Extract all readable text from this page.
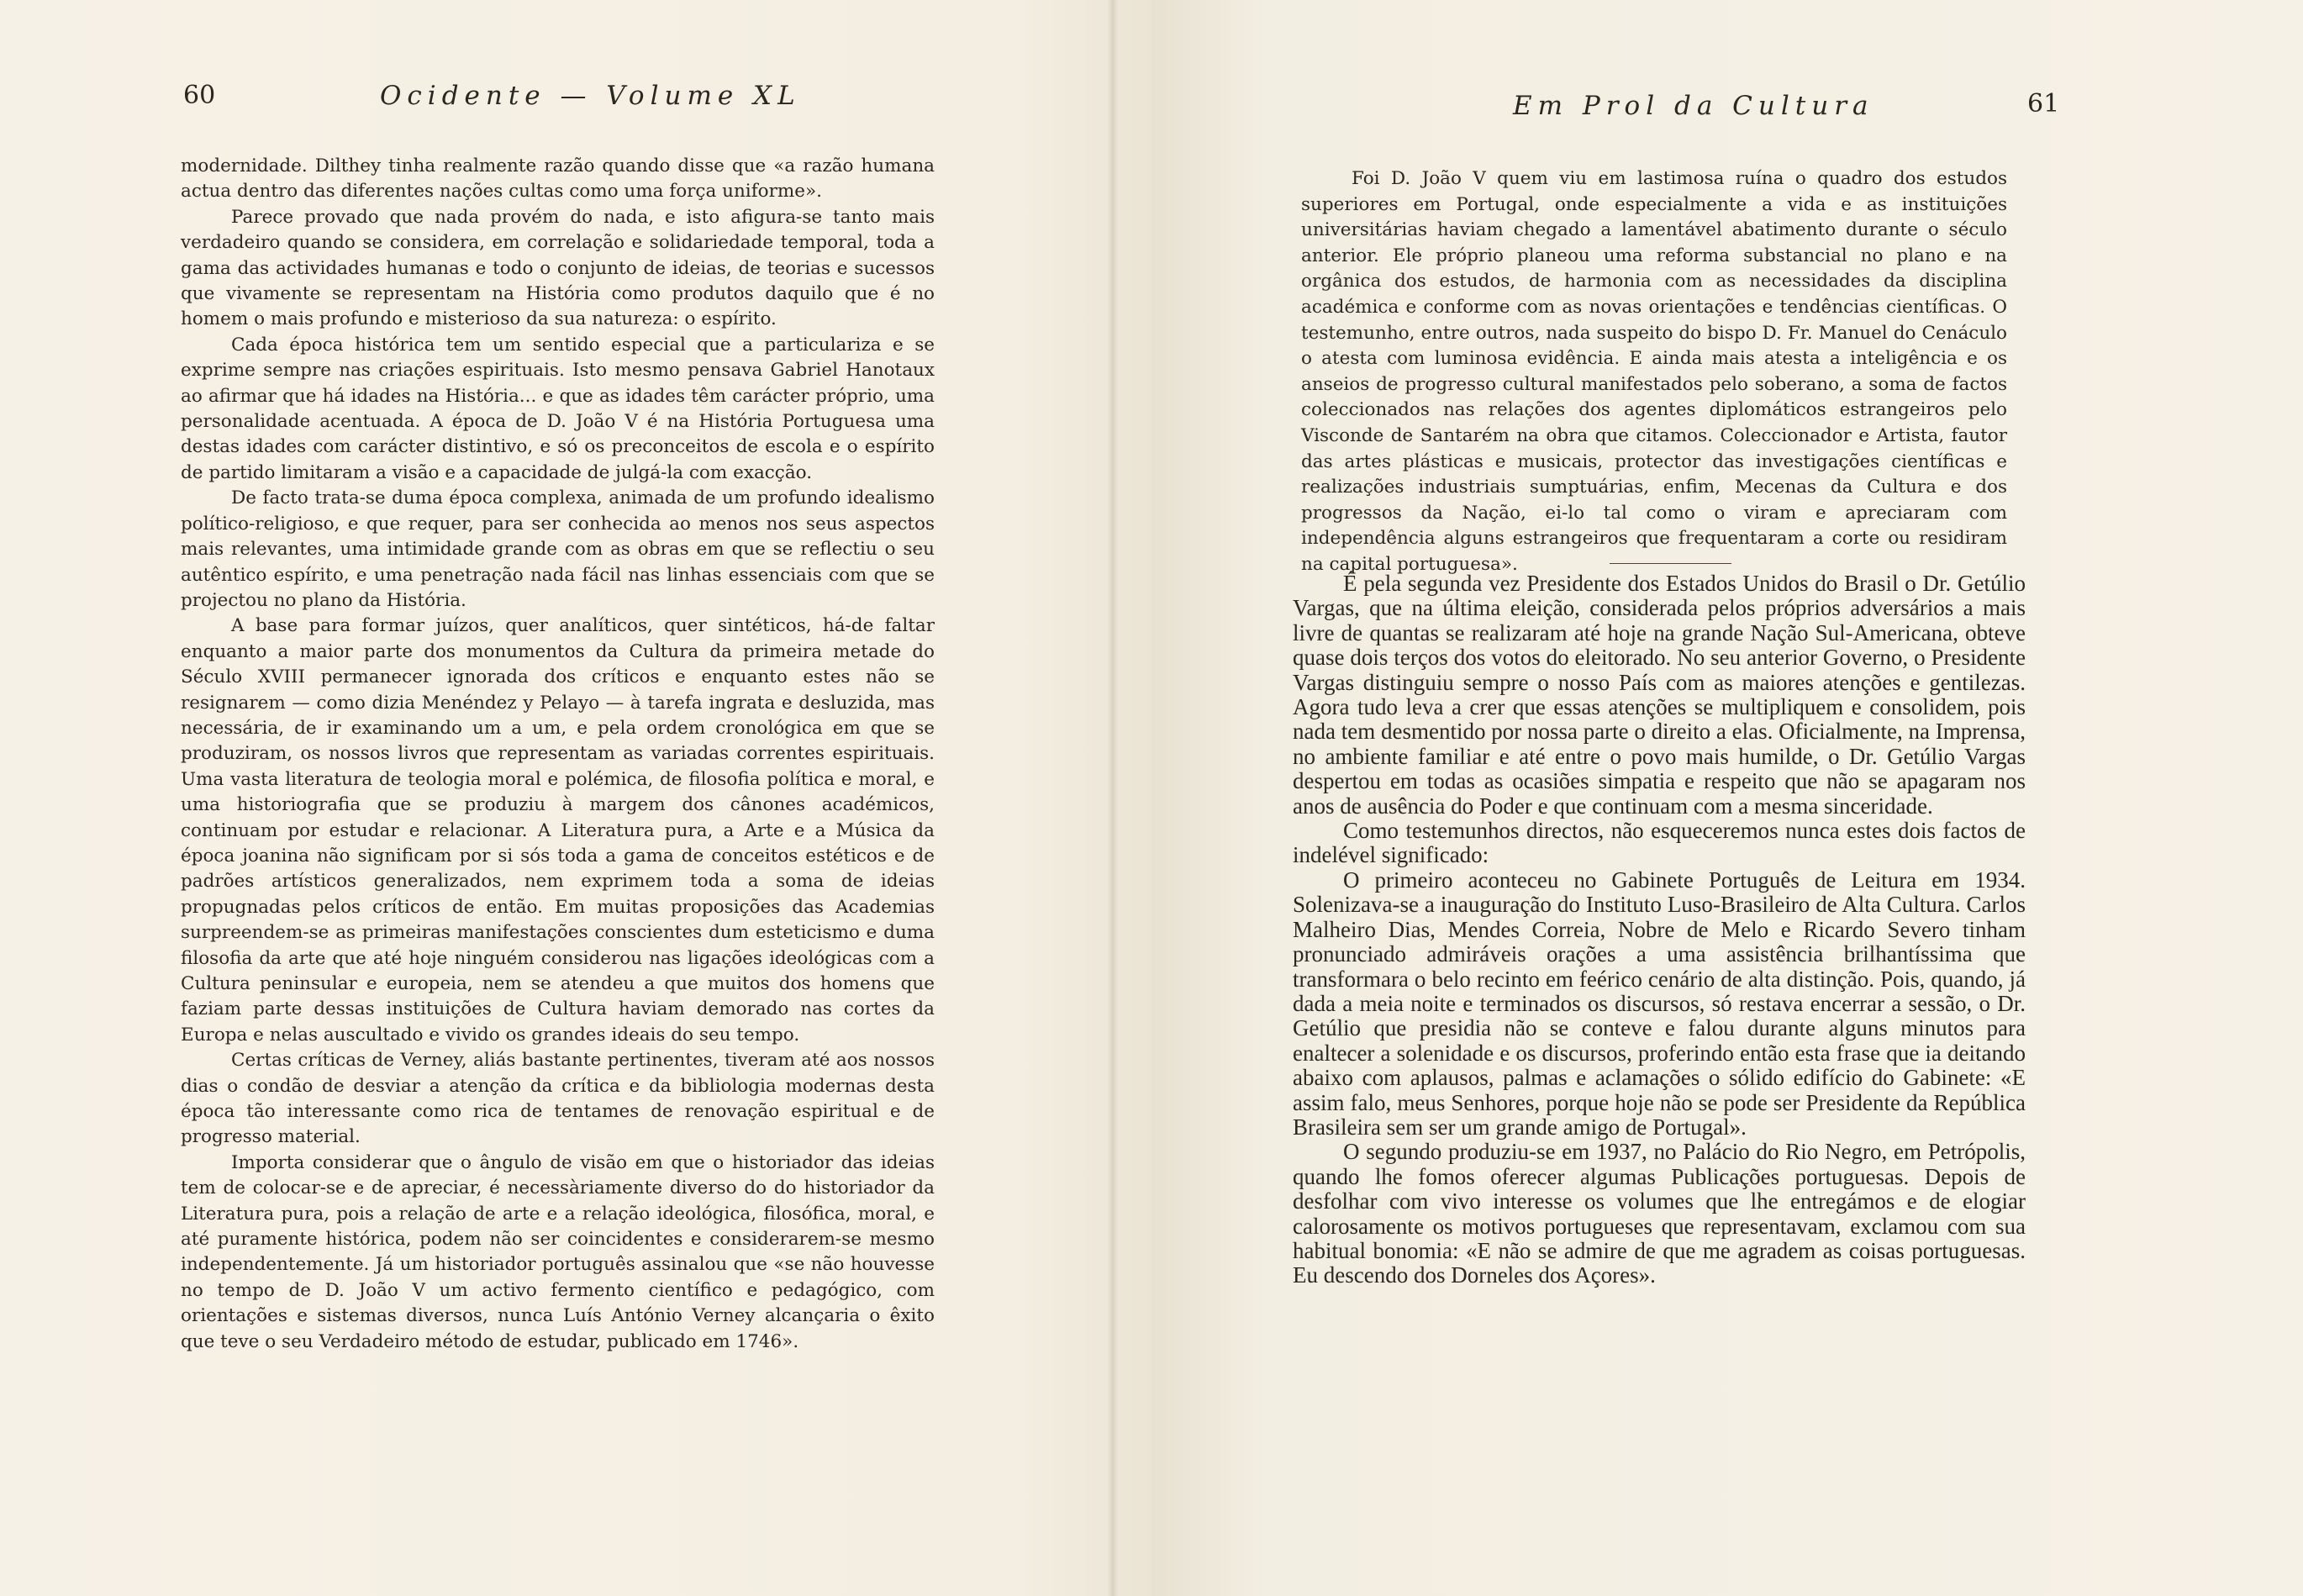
60	Ocidente — Volume XL

modernidade. Dilthey tinha realmente razão quando disse que «a razão humana actua dentro das diferentes nações cultas como uma força uniforme».

Parece provado que nada provém do nada, e isto afigura-se tanto mais verdadeiro quando se considera, em correlação e solidariedade temporal, toda a gama das actividades humanas e todo o conjunto de ideias, de teorias e sucessos que vivamente se representam na História como produtos daquilo que é no homem o mais profundo e misterioso da sua natureza: o espírito.

Cada época histórica tem um sentido especial que a particulariza e se exprime sempre nas criações espirituais. Isto mesmo pensava Gabriel Hanotaux ao afirmar que há idades na História... e que as idades têm carácter próprio, uma personalidade acentuada. A época de D. João V é na História Portuguesa uma destas idades com carácter distintivo, e só os preconceitos de escola e o espírito de partido limitaram a visão e a capacidade de julgá-la com exacção.

De facto trata-se duma época complexa, animada de um profundo idealismo político-religioso, e que requer, para ser conhecida ao menos nos seus aspectos mais relevantes, uma intimidade grande com as obras em que se reflectiu o seu autêntico espírito, e uma penetração nada fácil nas linhas essenciais com que se projectou no plano da História.

A base para formar juízos, quer analíticos, quer sintéticos, há-de faltar enquanto a maior parte dos monumentos da Cultura da primeira metade do Século XVIII permanecer ignorada dos críticos e enquanto estes não se resignarem — como dizia Menéndez y Pelayo — à tarefa ingrata e desluzida, mas necessária, de ir examinando um a um, e pela ordem cronológica em que se produziram, os nossos livros que representam as variadas correntes espirituais. Uma vasta literatura de teologia moral e polémica, de filosofia política e moral, e uma historiografia que se produziu à margem dos cânones académicos, continuam por estudar e relacionar. A Literatura pura, a Arte e a Música da época joanina não significam por si sós toda a gama de conceitos estéticos e de padrões artísticos generalizados, nem exprimem toda a soma de ideias propugnadas pelos críticos de então. Em muitas proposições das Academias surpreendem-se as primeiras manifestações conscientes dum esteticismo e duma filosofia da arte que até hoje ninguém considerou nas ligações ideológicas com a Cultura peninsular e europeia, nem se atendeu a que muitos dos homens que faziam parte dessas instituições de Cultura haviam demorado nas cortes da Europa e nelas auscultado e vivido os grandes ideais do seu tempo.

Certas críticas de Verney, aliás bastante pertinentes, tiveram até aos nossos dias o condão de desviar a atenção da crítica e da bibliologia modernas desta época tão interessante como rica de tentames de renovação espiritual e de progresso material.

Importa considerar que o ângulo de visão em que o historiador das ideias tem de colocar-se e de apreciar, é necessàriamente diverso do do historiador da Literatura pura, pois a relação de arte e a relação ideológica, filosófica, moral, e até puramente histórica, podem não ser coincidentes e considerarem-se mesmo independentemente. Já um historiador português assinalou que «se não houvesse no tempo de D. João V um activo fermento científico e pedagógico, com orientações e sistemas diversos, nunca Luís António Verney alcançaria o êxito que teve o seu Verdadeiro método de estudar, publicado em 1746».

Em Prol da Cultura	61

Foi D. João V quem viu em lastimosa ruína o quadro dos estudos superiores em Portugal, onde especialmente a vida e as instituições universitárias haviam chegado a lamentável abatimento durante o século anterior. Ele próprio planeou uma reforma substancial no plano e na orgânica dos estudos, de harmonia com as necessidades da disciplina académica e conforme com as novas orientações e tendências científicas. O testemunho, entre outros, nada suspeito do bispo D. Fr. Manuel do Cenáculo o atesta com luminosa evidência. E ainda mais atesta a inteligência e os anseios de progresso cultural manifestados pelo soberano, a soma de factos coleccionados nas relações dos agentes diplomáticos estrangeiros pelo Visconde de Santarém na obra que citamos. Coleccionador e Artista, fautor das artes plásticas e musicais, protector das investigações científicas e realizações industriais sumptuárias, enfim, Mecenas da Cultura e dos progressos da Nação, ei-lo tal como o viram e apreciaram com independência alguns estrangeiros que frequentaram a corte ou residiram na capital portuguesa».

É pela segunda vez Presidente dos Estados Unidos do Brasil o Dr. Getúlio Vargas, que na última eleição, considerada pelos próprios adversários a mais livre de quantas se realizaram até hoje na grande Nação Sul-Americana, obteve quase dois terços dos votos do eleitorado. No seu anterior Governo, o Presidente Vargas distinguiu sempre o nosso País com as maiores atenções e gentilezas. Agora tudo leva a crer que essas atenções se multipliquem e consolidem, pois nada tem desmentido por nossa parte o direito a elas. Oficialmente, na Imprensa, no ambiente familiar e até entre o povo mais humilde, o Dr. Getúlio Vargas despertou em todas as ocasiões simpatia e respeito que não se apagaram nos anos de ausência do Poder e que continuam com a mesma sinceridade.

Como testemunhos directos, não esqueceremos nunca estes dois factos de indelével significado:

O primeiro aconteceu no Gabinete Português de Leitura em 1934. Solenizava-se a inauguração do Instituto Luso-Brasileiro de Alta Cultura. Carlos Malheiro Dias, Mendes Correia, Nobre de Melo e Ricardo Severo tinham pronunciado admiráveis orações a uma assistência brilhantíssima que transformara o belo recinto em feérico cenário de alta distinção. Pois, quando, já dada a meia noite e terminados os discursos, só restava encerrar a sessão, o Dr. Getúlio que presidia não se conteve e falou durante alguns minutos para enaltecer a solenidade e os discursos, proferindo então esta frase que ia deitando abaixo com aplausos, palmas e aclamações o sólido edifício do Gabinete: «E assim falo, meus Senhores, porque hoje não se pode ser Presidente da República Brasileira sem ser um grande amigo de Portugal».

O segundo produziu-se em 1937, no Palácio do Rio Negro, em Petrópolis, quando lhe fomos oferecer algumas Publicações portuguesas. Depois de desfolhar com vivo interesse os volumes que lhe entregámos e de elogiar calorosamente os motivos portugueses que representavam, exclamou com sua habitual bonomia: «E não se admire de que me agradem as coisas portuguesas. Eu descendo dos Dorneles dos Açores».
